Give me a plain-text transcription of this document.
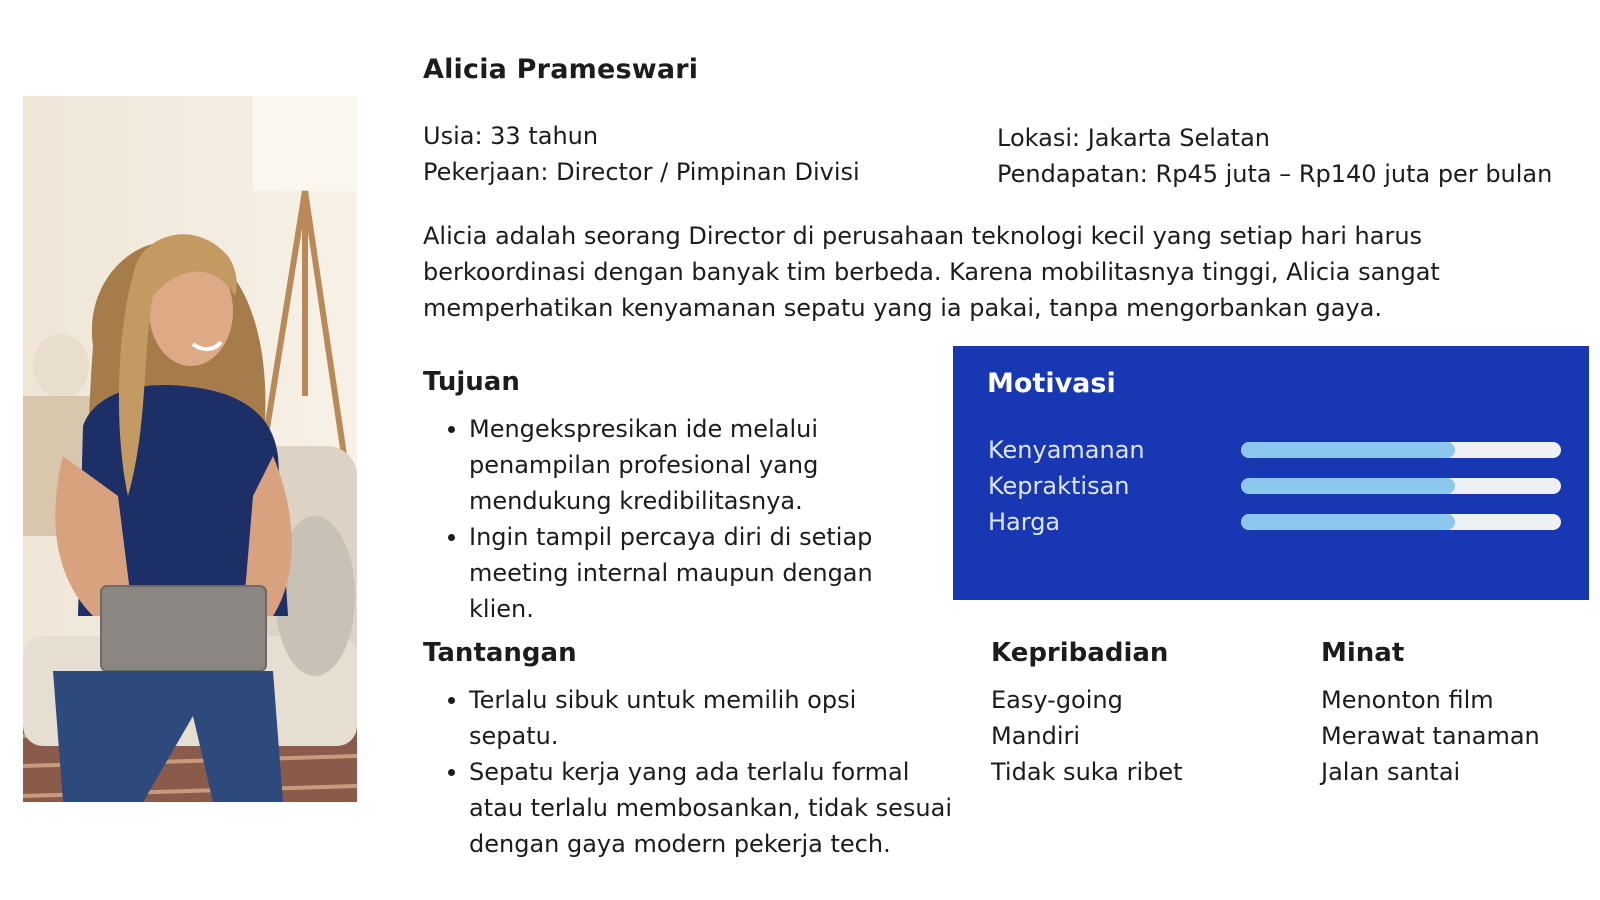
Alicia Prameswari
Usia: 33 tahun
Pekerjaan: Director / Pimpinan Divisi
Lokasi: Jakarta Selatan
Pendapatan: Rp45 juta – Rp140 juta per bulan
Alicia adalah seorang Director di perusahaan teknologi kecil yang setiap hari harus
berkoordinasi dengan banyak tim berbeda. Karena mobilitasnya tinggi, Alicia sangat
memperhatikan kenyamanan sepatu yang ia pakai, tanpa mengorbankan gaya.
Tujuan
Mengekspresikan ide melalui
penampilan profesional yang
mendukung kredibilitasnya.
Ingin tampil percaya diri di setiap
meeting internal maupun dengan
klien.
Tantangan
Terlalu sibuk untuk memilih opsi
sepatu.
Sepatu kerja yang ada terlalu formal
atau terlalu membosankan, tidak sesuai
dengan gaya modern pekerja tech.
Motivasi
Kenyamanan
Kepraktisan
Harga
Kepribadian
Easy-going
Mandiri
Tidak suka ribet
Minat
Menonton film
Merawat tanaman
Jalan santai
